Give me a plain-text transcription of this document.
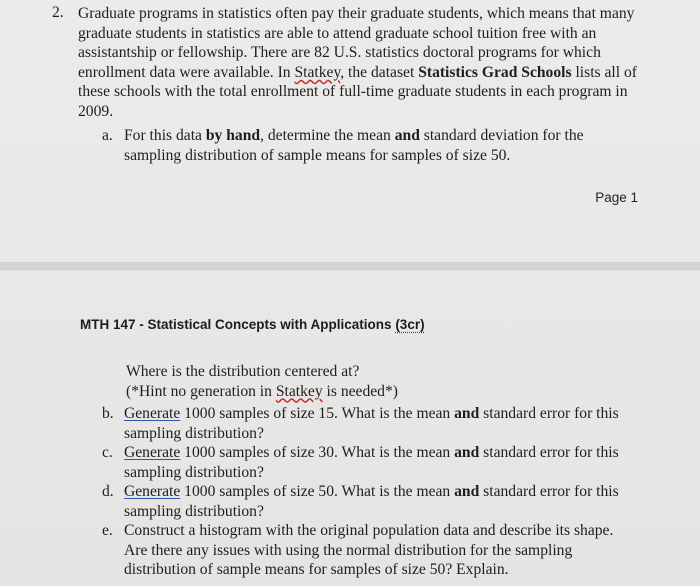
2. Graduate programs in statistics often pay their graduate students, which means that many graduate students in statistics are able to attend graduate school tuition free with an assistantship or fellowship. There are 82 U.S. statistics doctoral programs for which enrollment data were available. In Statkey, the dataset Statistics Grad Schools lists all of these schools with the total enrollment of full-time graduate students in each program in 2009.
a. For this data by hand, determine the mean and standard deviation for the sampling distribution of sample means for samples of size 50.
Page 1
MTH 147 - Statistical Concepts with Applications (3cr)
Where is the distribution centered at?
(*Hint no generation in Statkey is needed*)
b. Generate 1000 samples of size 15. What is the mean and standard error for this sampling distribution?
c. Generate 1000 samples of size 30. What is the mean and standard error for this sampling distribution?
d. Generate 1000 samples of size 50. What is the mean and standard error for this sampling distribution?
e. Construct a histogram with the original population data and describe its shape. Are there any issues with using the normal distribution for the sampling distribution of sample means for samples of size 50? Explain.
